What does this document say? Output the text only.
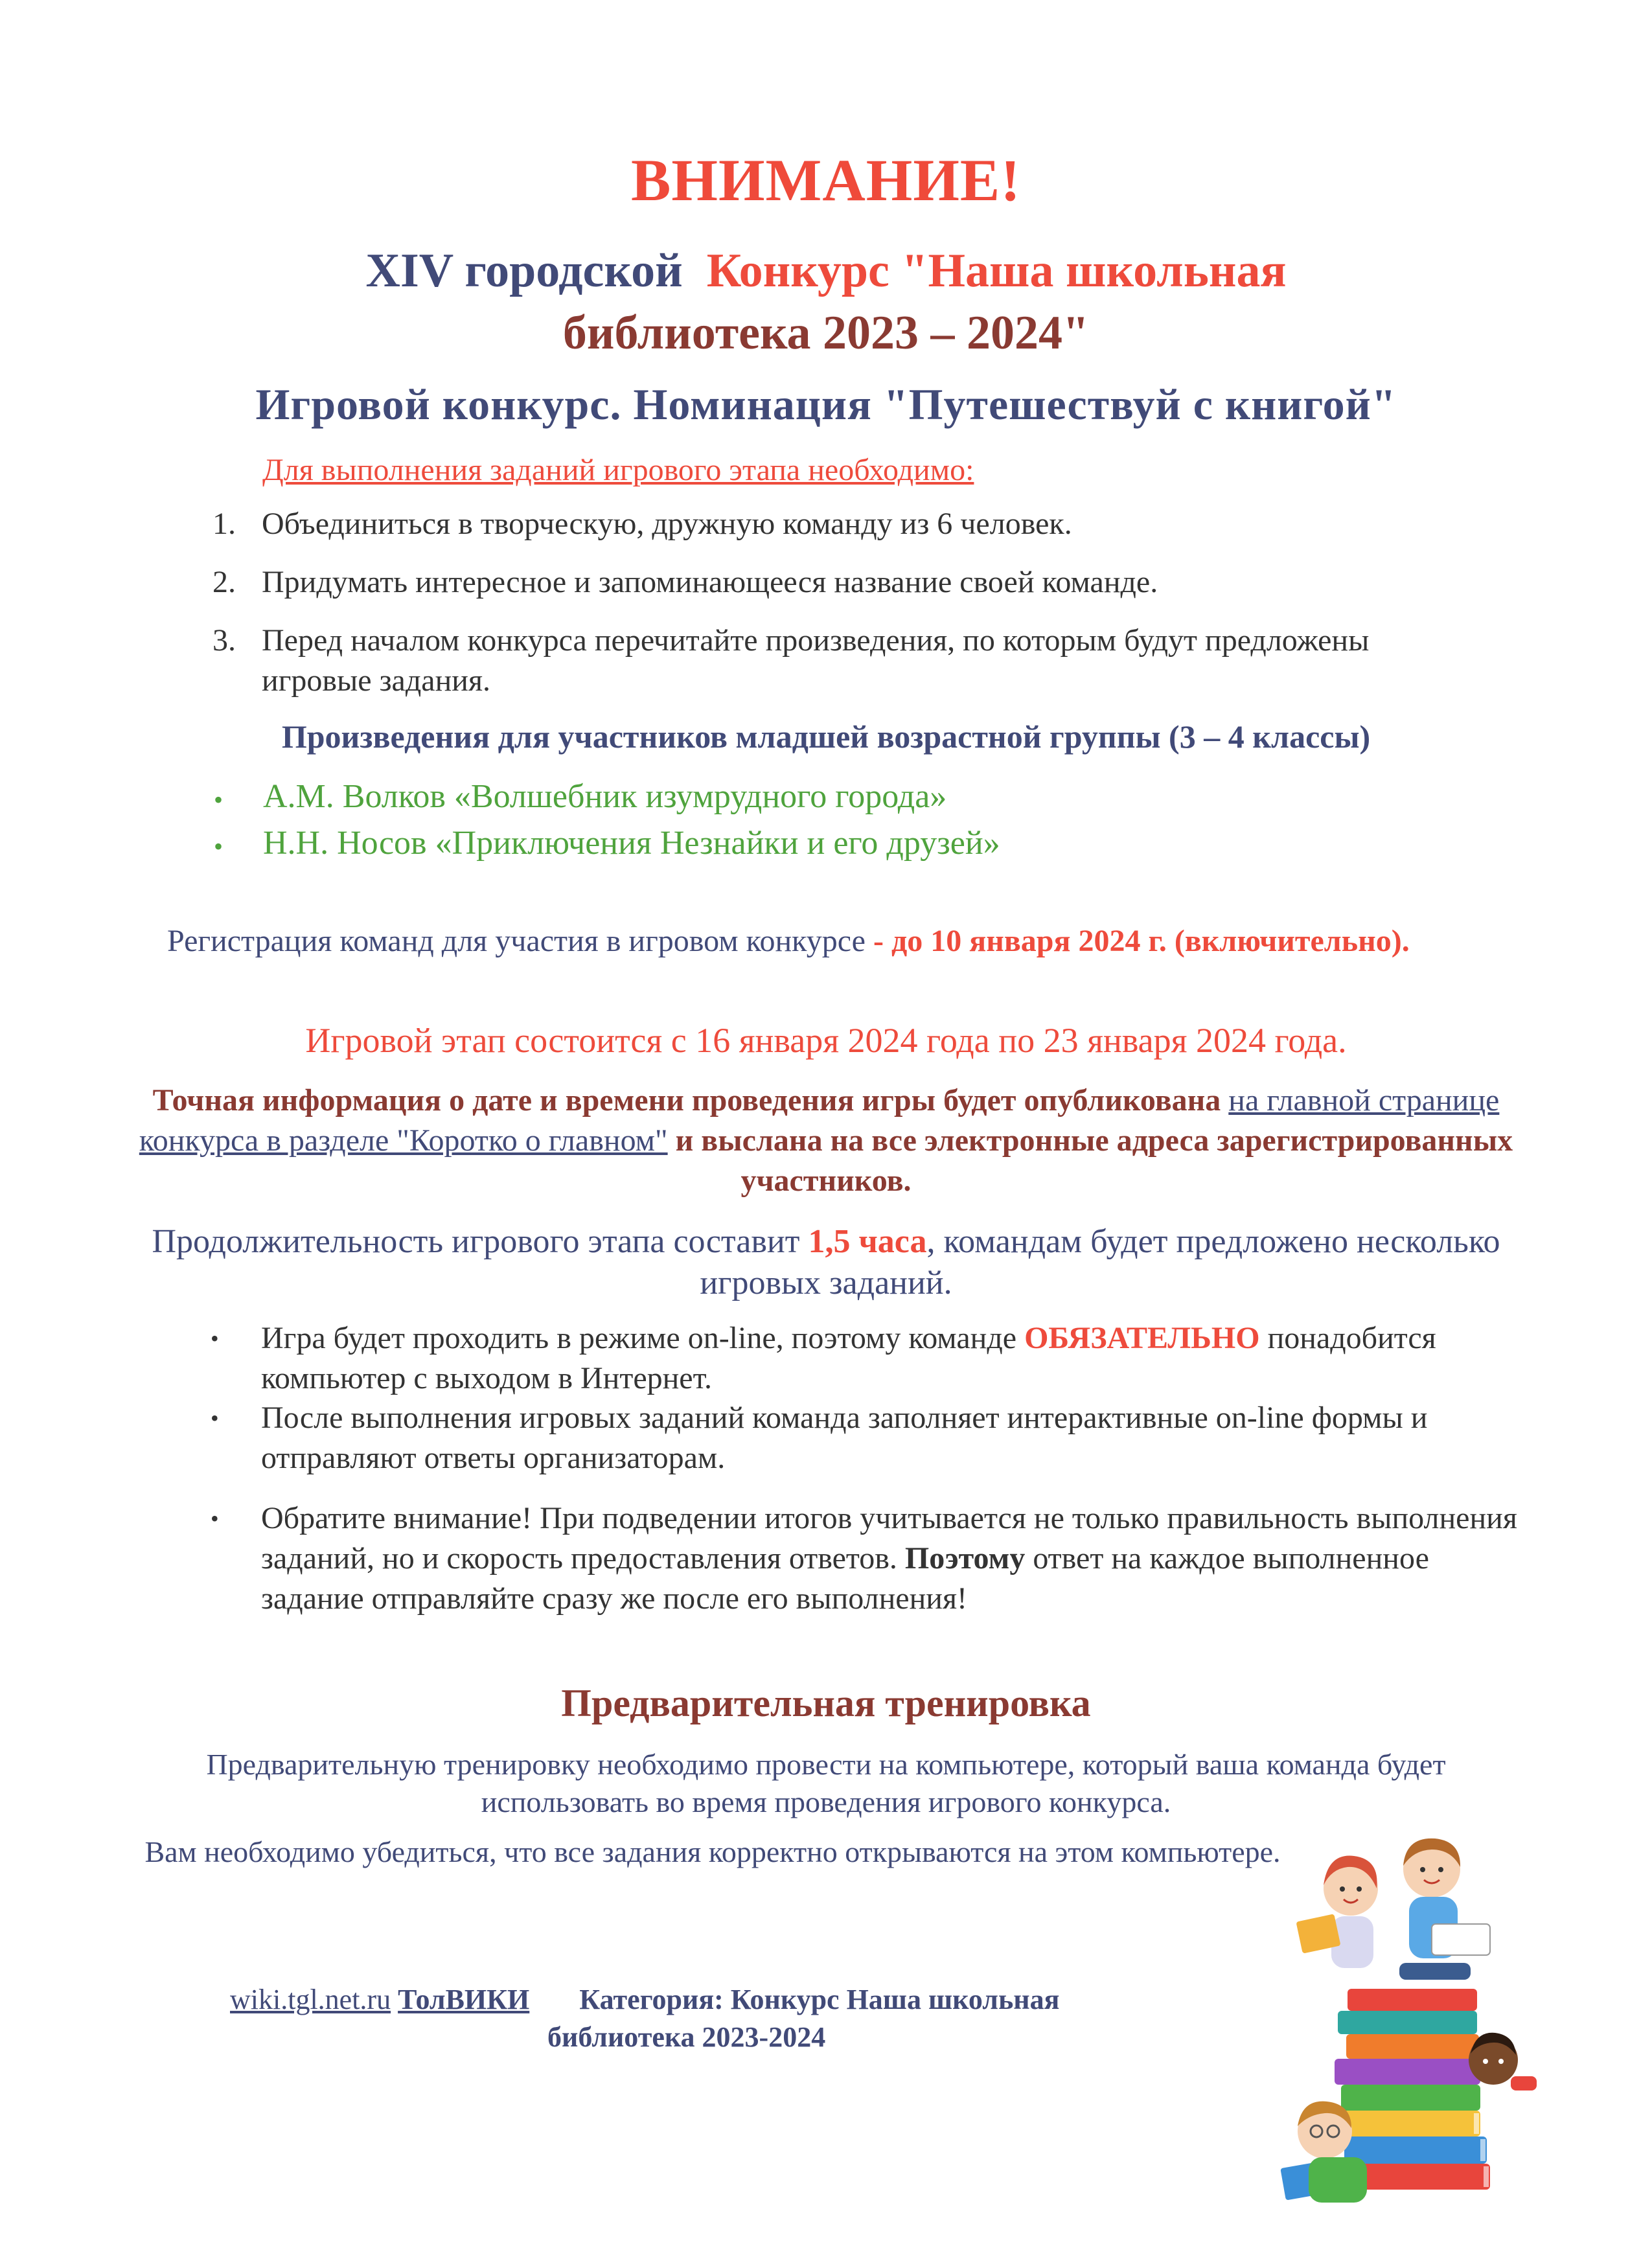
ВНИМАНИЕ!
XIV городской Конкурс "Наша школьная
библиотека 2023 – 2024"
Игровой конкурс. Номинация "Путешествуй с книгой"
Для выполнения заданий игрового этапа необходимо:
1. Объединиться в творческую, дружную команду из 6 человек.
2. Придумать интересное и запоминающееся название своей команде.
3. Перед началом конкурса перечитайте произведения, по которым будут предложены игровые задания.
Произведения для участников младшей возрастной группы (3 – 4 классы)
• А.М. Волков «Волшебник изумрудного города»
• Н.Н. Носов «Приключения Незнайки и его друзей»
Регистрация команд для участия в игровом конкурсе - до 10 января 2024 г. (включительно).
Игровой этап состоится с 16 января 2024 года по 23 января 2024 года.
Точная информация о дате и времени проведения игры будет опубликована на главной странице конкурса в разделе "Коротко о главном" и выслана на все электронные адреса зарегистрированных участников.
Продолжительность игрового этапа составит 1,5 часа, командам будет предложено несколько игровых заданий.
• Игра будет проходить в режиме on-line, поэтому команде ОБЯЗАТЕЛЬНО понадобится компьютер с выходом в Интернет.
• После выполнения игровых заданий команда заполняет интерактивные on-line формы и отправляют ответы организаторам.
• Обратите внимание! При подведении итогов учитывается не только правильность выполнения заданий, но и скорость предоставления ответов. Поэтому ответ на каждое выполненное задание отправляйте сразу же после его выполнения!
Предварительная тренировка
Предварительную тренировку необходимо провести на компьютере, который ваша команда будет использовать во время проведения игрового конкурса.
Вам необходимо убедиться, что все задания корректно открываются на этом компьютере.
wiki.tgl.net.ru ТолВИКИ Категория: Конкурс Наша школьная
библиотека 2023-2024
